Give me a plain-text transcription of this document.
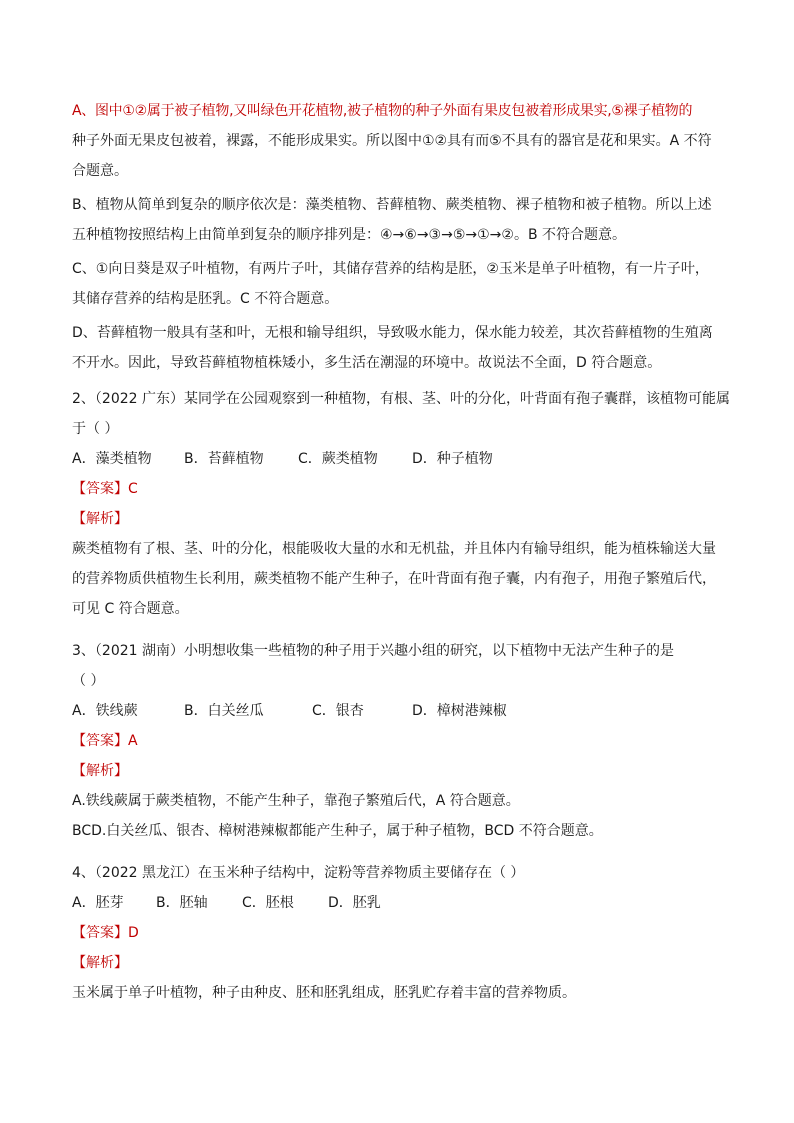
A、图中①②属于被子植物,又叫绿色开花植物,被子植物的种子外面有果皮包被着形成果实,⑤裸子植物的
种子外面无果皮包被着，裸露，不能形成果实。所以图中①②具有而⑤不具有的器官是花和果实。A 不符
合题意。
B、植物从简单到复杂的顺序依次是：藻类植物、苔藓植物、蕨类植物、裸子植物和被子植物。所以上述
五种植物按照结构上由简单到复杂的顺序排列是：④→⑥→③→⑤→①→②。B 不符合题意。
C、①向日葵是双子叶植物，有两片子叶，其储存营养的结构是胚，②玉米是单子叶植物，有一片子叶，
其储存营养的结构是胚乳。C 不符合题意。
D、苔藓植物一般具有茎和叶，无根和输导组织，导致吸水能力，保水能力较差，其次苔藓植物的生殖离
不开水。因此，导致苔藓植物植株矮小，多生活在潮湿的环境中。故说法不全面，D 符合题意。
2、（2022 广东）某同学在公园观察到一种植物，有根、茎、叶的分化，叶背面有孢子囊群，该植物可能属
于（ ）
A．藻类植物 B．苔藓植物 C．蕨类植物 D．种子植物
【答案】C
【解析】
蕨类植物有了根、茎、叶的分化，根能吸收大量的水和无机盐，并且体内有输导组织，能为植株输送大量
的营养物质供植物生长利用，蕨类植物不能产生种子，在叶背面有孢子囊，内有孢子，用孢子繁殖后代，
可见 C 符合题意。
3、（2021 湖南）小明想收集一些植物的种子用于兴趣小组的研究，以下植物中无法产生种子的是
（ ）
A．铁线蕨	B．白关丝瓜	C．银杏	D．樟树港辣椒
【答案】A
【解析】
A.铁线蕨属于蕨类植物，不能产生种子，靠孢子繁殖后代，A 符合题意。
BCD.白关丝瓜、银杏、樟树港辣椒都能产生种子，属于种子植物，BCD 不符合题意。
4、（2022 黑龙江）在玉米种子结构中，淀粉等营养物质主要储存在（ ）
A．胚芽 B．胚轴 C．胚根 D．胚乳
【答案】D
【解析】
玉米属于单子叶植物，种子由种皮、胚和胚乳组成，胚乳贮存着丰富的营养物质。
